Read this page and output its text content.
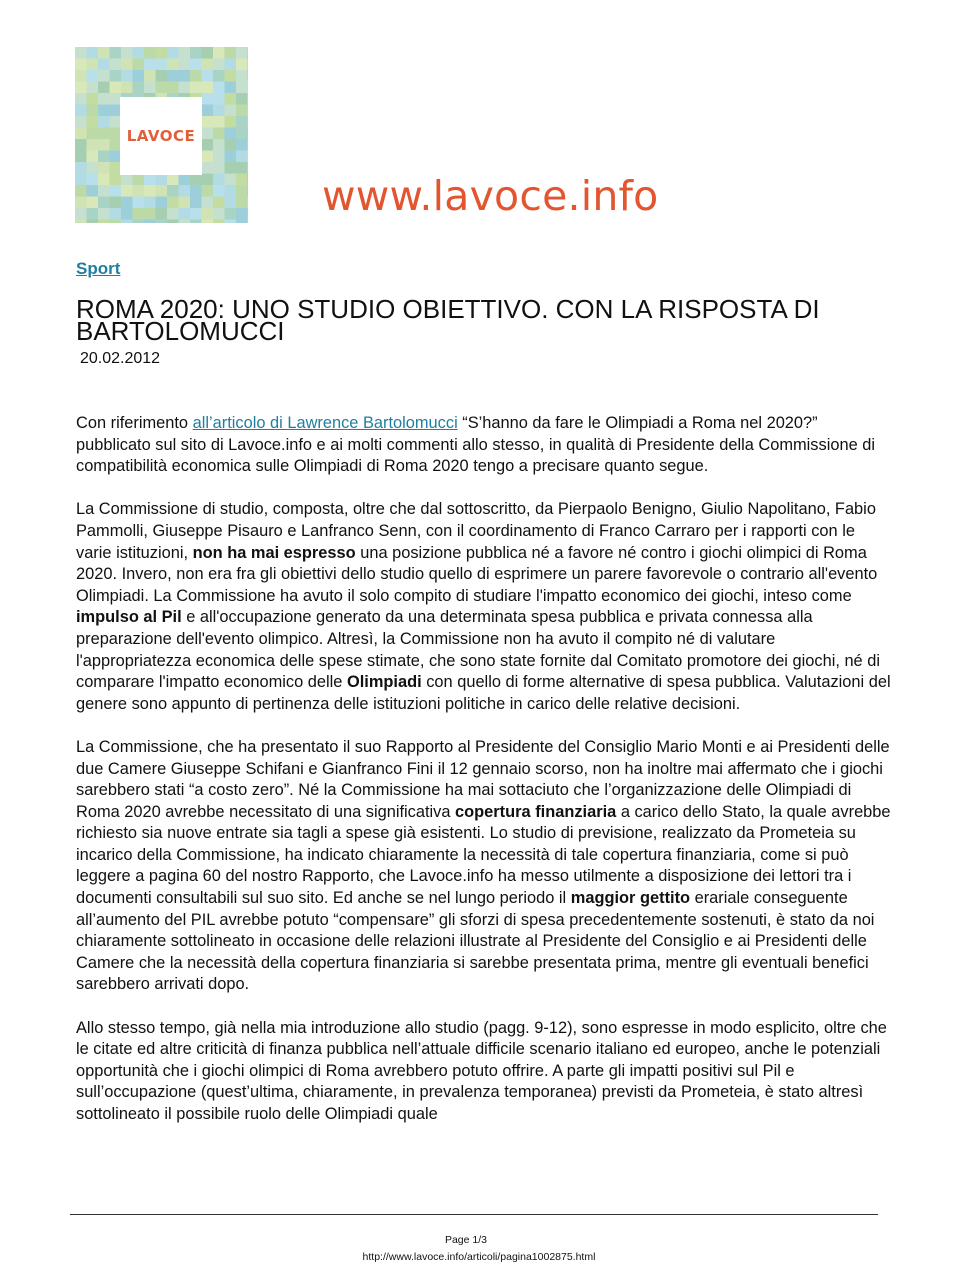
LAVOCE
www.lavoce.info
Sport
ROMA 2020: UNO STUDIO OBIETTIVO. CON LA RISPOSTA DI BARTOLOMUCCI
20.02.2012

Con riferimento all’articolo di Lawrence Bartolomucci “S’hanno da fare le Olimpiadi a Roma nel 2020?” pubblicato sul sito di Lavoce.info e ai molti commenti allo stesso, in qualità di Presidente della Commissione di compatibilità economica sulle Olimpiadi di Roma 2020 tengo a precisare quanto segue.

La Commissione di studio, composta, oltre che dal sottoscritto, da Pierpaolo Benigno, Giulio Napolitano, Fabio Pammolli, Giuseppe Pisauro e Lanfranco Senn, con il coordinamento di Franco Carraro per i rapporti con le varie istituzioni, non ha mai espresso una posizione pubblica né a favore né contro i giochi olimpici di Roma 2020. Invero, non era fra gli obiettivi dello studio quello di esprimere un parere favorevole o contrario all'evento Olimpiadi. La Commissione ha avuto il solo compito di studiare l'impatto economico dei giochi, inteso come impulso al Pil e all'occupazione generato da una determinata spesa pubblica e privata connessa alla preparazione dell'evento olimpico. Altresì, la Commissione non ha avuto il compito né di valutare l'appropriatezza economica delle spese stimate, che sono state fornite dal Comitato promotore dei giochi, né di comparare l'impatto economico delle Olimpiadi con quello di forme alternative di spesa pubblica. Valutazioni del genere sono appunto di pertinenza delle istituzioni politiche in carico delle relative decisioni.

La Commissione, che ha presentato il suo Rapporto al Presidente del Consiglio Mario Monti e ai Presidenti delle due Camere Giuseppe Schifani e Gianfranco Fini il 12 gennaio scorso, non ha inoltre mai affermato che i giochi sarebbero stati “a costo zero”. Né la Commissione ha mai sottaciuto che l’organizzazione delle Olimpiadi di Roma 2020 avrebbe necessitato di una significativa copertura finanziaria a carico dello Stato, la quale avrebbe richiesto sia nuove entrate sia tagli a spese già esistenti. Lo studio di previsione, realizzato da Prometeia su incarico della Commissione, ha indicato chiaramente la necessità di tale copertura finanziaria, come si può leggere a pagina 60 del nostro Rapporto, che Lavoce.info ha messo utilmente a disposizione dei lettori tra i documenti consultabili sul suo sito. Ed anche se nel lungo periodo il maggior gettito erariale conseguente all’aumento del PIL avrebbe potuto “compensare” gli sforzi di spesa precedentemente sostenuti, è stato da noi chiaramente sottolineato in occasione delle relazioni illustrate al Presidente del Consiglio e ai Presidenti delle Camere che la necessità della copertura finanziaria si sarebbe presentata prima, mentre gli eventuali benefici sarebbero arrivati dopo.

Allo stesso tempo, già nella mia introduzione allo studio (pagg. 9-12), sono espresse in modo esplicito, oltre che le citate ed altre criticità di finanza pubblica nell’attuale difficile scenario italiano ed europeo, anche le potenziali opportunità che i giochi olimpici di Roma avrebbero potuto offrire. A parte gli impatti positivi sul Pil e sull’occupazione (quest’ultima, chiaramente, in prevalenza temporanea) previsti da Prometeia, è stato altresì sottolineato il possibile ruolo delle Olimpiadi quale

Page 1/3
http://www.lavoce.info/articoli/pagina1002875.html
